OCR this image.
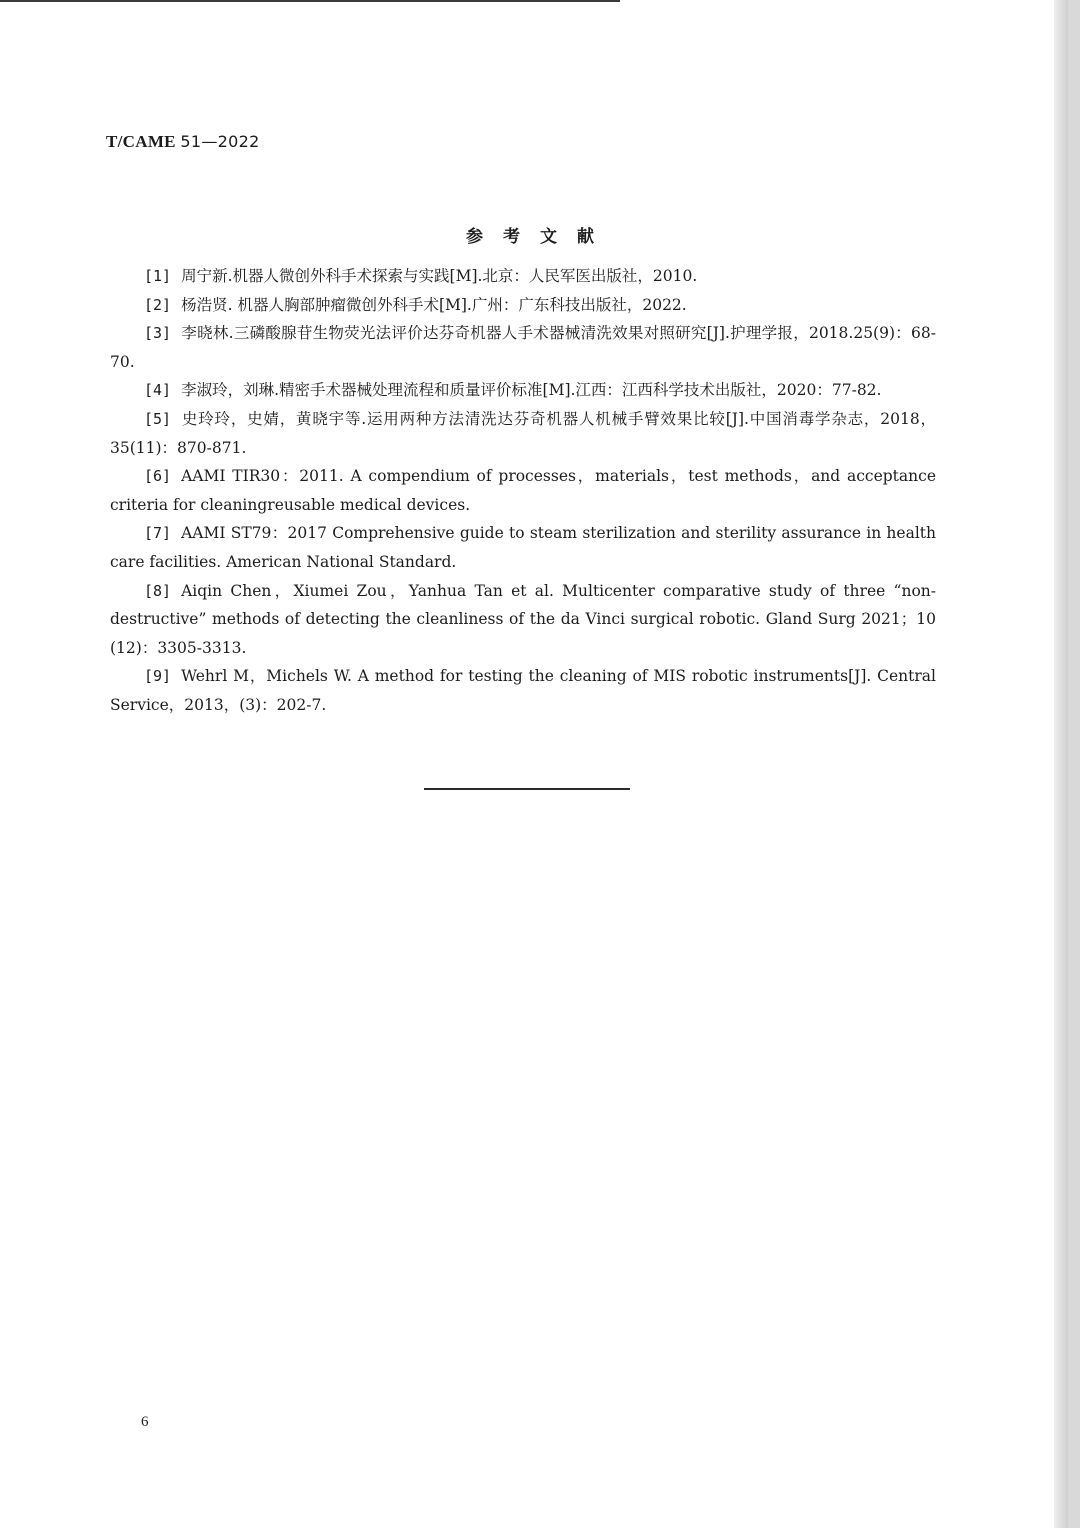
T/CAME 51—2022
参考文献

[1] 周宁新.机器人微创外科手术探索与实践[M].北京：人民军医出版社，2010.

[2] 杨浩贤. 机器人胸部肿瘤微创外科手术[M].广州：广东科技出版社，2022.

[3] 李晓林.三磷酸腺苷生物荧光法评价达芬奇机器人手术器械清洗效果对照研究[J].护理学报，2018.25(9)：68-70.

[4] 李淑玲，刘琳.精密手术器械处理流程和质量评价标准[M].江西：江西科学技术出版社，2020：77-82.

[5] 史玲玲，史婧，黄晓宇等.运用两种方法清洗达芬奇机器人机械手臂效果比较[J].中国消毒学杂志，2018，35(11)：870-871.

[6] AAMI TIR30：2011. A compendium of processes，materials，test methods，and acceptance criteria for cleaningreusable medical devices.

[7] AAMI ST79：2017 Comprehensive guide to steam sterilization and sterility assurance in health care facilities. American National Standard.

[8] Aiqin Chen，Xiumei Zou，Yanhua Tan et al. Multicenter comparative study of three “non-destructive” methods of detecting the cleanliness of the da Vinci surgical robotic. Gland Surg 2021；10 (12)：3305-3313.

[9] Wehrl M，Michels W. A method for testing the cleaning of MIS robotic instruments[J]. Central Service，2013，(3)：202-7.

6
